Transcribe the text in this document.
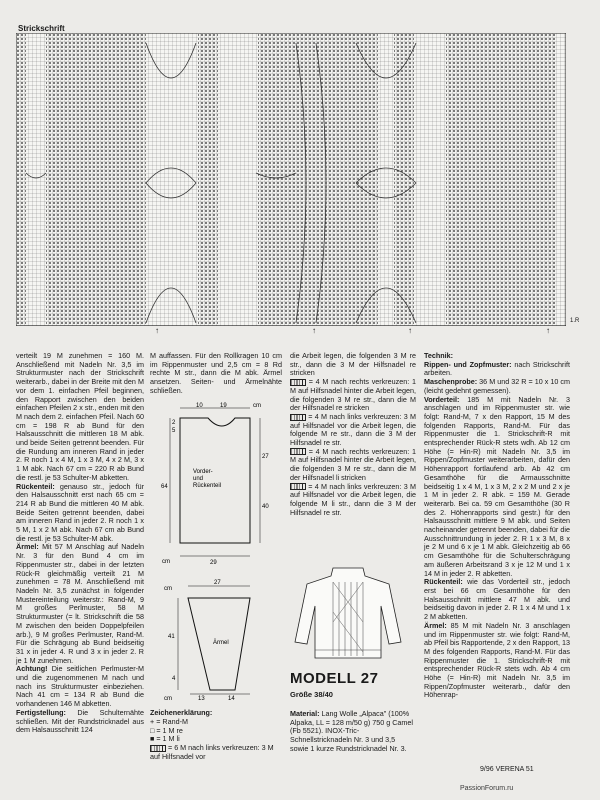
Strickschrift
↑	↑	↑	↑
1.R

verteilt 19 M zunehmen = 160 M. Anschließend mit Nadeln Nr. 3,5 im Strukturmuster nach der Strickschrift weiterarb., dabei in der Breite mit den M vor dem 1. einfachen Pfeil beginnen, den Rapport zwischen den beiden einfachen Pfeilen 2 x str., enden mit den M nach dem 2. einfachen Pfeil. Nach 60 cm = 198 R ab Bund für den Halsausschnitt die mittleren 18 M abk. und beide Seiten getrennt beenden. Für die Rundung am inneren Rand in jeder 2. R noch 1 x 4 M, 1 x 3 M, 4 x 2 M, 3 x 1 M abk. Nach 67 cm = 220 R ab Bund die restl. je 53 Schulter-M abketten.

Rückenteil: genauso str., jedoch für den Halsausschnitt erst nach 65 cm = 214 R ab Bund die mittleren 40 M abk. Beide Seiten getrennt beenden, dabei am inneren Rand in jeder 2. R noch 1 x 5 M, 1 x 2 M abk. Nach 67 cm ab Bund die restl. je 53 Schulter-M abk.

Ärmel: Mit 57 M Anschlag auf Nadeln Nr. 3 für den Bund 4 cm im Rippenmuster str., dabei in der letzten Rück-R gleichmäßig verteilt 21 M zunehmen = 78 M. Anschließend mit Nadeln Nr. 3,5 zunächst in folgender Mustereinteilung weiterstr.: Rand-M, 9 M großes Perlmuster, 58 M Strukturmuster (= lt. Strickschrift die 58 M zwischen den beiden Doppelpfeilen arb.), 9 M großes Perlmuster, Rand-M. Für die Schrägung ab Bund beidseitig 31 x in jeder 4. R und 3 x in jeder 2. R je 1 M zunehmen.

Achtung! Die seitlichen Perlmuster-M und die zugenommenen M nach und nach ins Strukturmuster einbeziehen. Nach 41 cm = 134 R ab Bund die vorhandenen 146 M abketten.

Fertigstellung: Die Schulternähte schließen. Mit der Rundstricknadel aus dem Halsausschnitt 124

M auffassen. Für den Rollkragen 10 cm im Rippenmuster und 2,5 cm = 8 Rd rechte M str., dann die M abk. Ärmel ansetzen. Seiten- und Ärmelnähte schließen.

10	19	cm
2
5
64
27
40
Vorder-und Rückenteil
cm	29
cm
27
41
4
Ärmel
cm	13	14
Zeichenerklärung:
+ = Rand-M
□ = 1 M re
■ = 1 M li
= 6 M nach links verkreuzen: 3 M auf Hilfsnadel vor

die Arbeit legen, die folgenden 3 M re str., dann die 3 M der Hilfsnadel re stricken

= 4 M nach rechts verkreuzen: 1 M auf Hilfsnadel hinter die Arbeit legen, die folgenden 3 M re str., dann die M der Hilfsnadel re stricken

= 4 M nach links verkreuzen: 3 M auf Hilfsnadel vor die Arbeit legen, die folgende M re str., dann die 3 M der Hilfsnadel re str.

= 4 M nach rechts verkreuzen: 1 M auf Hilfsnadel hinter die Arbeit legen, die folgenden 3 M re str., dann die M der Hilfsnadel li stricken

= 4 M nach links verkreuzen: 3 M auf Hilfsnadel vor die Arbeit legen, die folgende M li str., dann die 3 M der Hilfsnadel re str.

MODELL 27
Größe 38/40
Material: Lang Wolle „Alpaca" (100% Alpaka, LL = 128 m/50 g) 750 g Camel (Fb 5521). INOX-Tric-Schnellstricknadeln Nr. 3 und 3,5 sowie 1 kurze Rundstricknadel Nr. 3.

Technik:

Rippen- und Zopfmuster: nach Strickschrift arbeiten.

Maschenprobe: 36 M und 32 R = 10 x 10 cm (leicht gedehnt gemessen).

Vorderteil: 185 M mit Nadeln Nr. 3 anschlagen und im Rippenmuster str. wie folgt: Rand-M, 7 x den Rapport, 15 M des folgenden Rapports, Rand-M. Für das Rippenmuster die 1. Strickschrift-R mit entsprechender Rück-R stets wdh. Ab 12 cm Höhe (= Hin-R) mit Nadeln Nr. 3,5 im Rippen/Zopfmuster weiterarbeiten, dafür den Höhenrapport fortlaufend arb. Ab 42 cm Gesamthöhe für die Armausschnitte beidseitig 1 x 4 M, 1 x 3 M, 2 x 2 M und 2 x je 1 M in jeder 2. R abk. = 159 M. Gerade weiterarb. Bei ca. 59 cm Gesamthöhe (30 R des 2. Höhenrapports sind gestr.) für den Halsausschnitt mittlere 9 M abk. und Seiten nacheinander getrennt beenden, dabei für die Ausschnittrundung in jeder 2. R 1 x 3 M, 8 x je 2 M und 6 x je 1 M abk. Gleichzeitig ab 66 cm Gesamthöhe für die Schulterschrägung am äußeren Arbeitsrand 3 x je 12 M und 1 x 14 M in jeder 2. R abketten.

Rückenteil: wie das Vorderteil str., jedoch erst bei 66 cm Gesamthöhe für den Halsausschnitt mittlere 47 M abk. und beidseitig davon in jeder 2. R 1 x 4 M und 1 x 2 M abketten.

Ärmel: 85 M mit Nadeln Nr. 3 anschlagen und im Rippenmuster str. wie folgt: Rand-M, ab Pfeil bis Rapportende, 2 x den Rapport, 13 M des folgenden Rapports, Rand-M. Für das Rippenmuster die 1. Strickschrift-R mit entsprechender Rück-R stets wdh. Ab 4 cm Höhe (= Hin-R) mit Nadeln Nr. 3,5 im Rippen/Zopfmuster weiterarb., dafür den Höhenrap-

9/96 VERENA 51
PassionForum.ru
